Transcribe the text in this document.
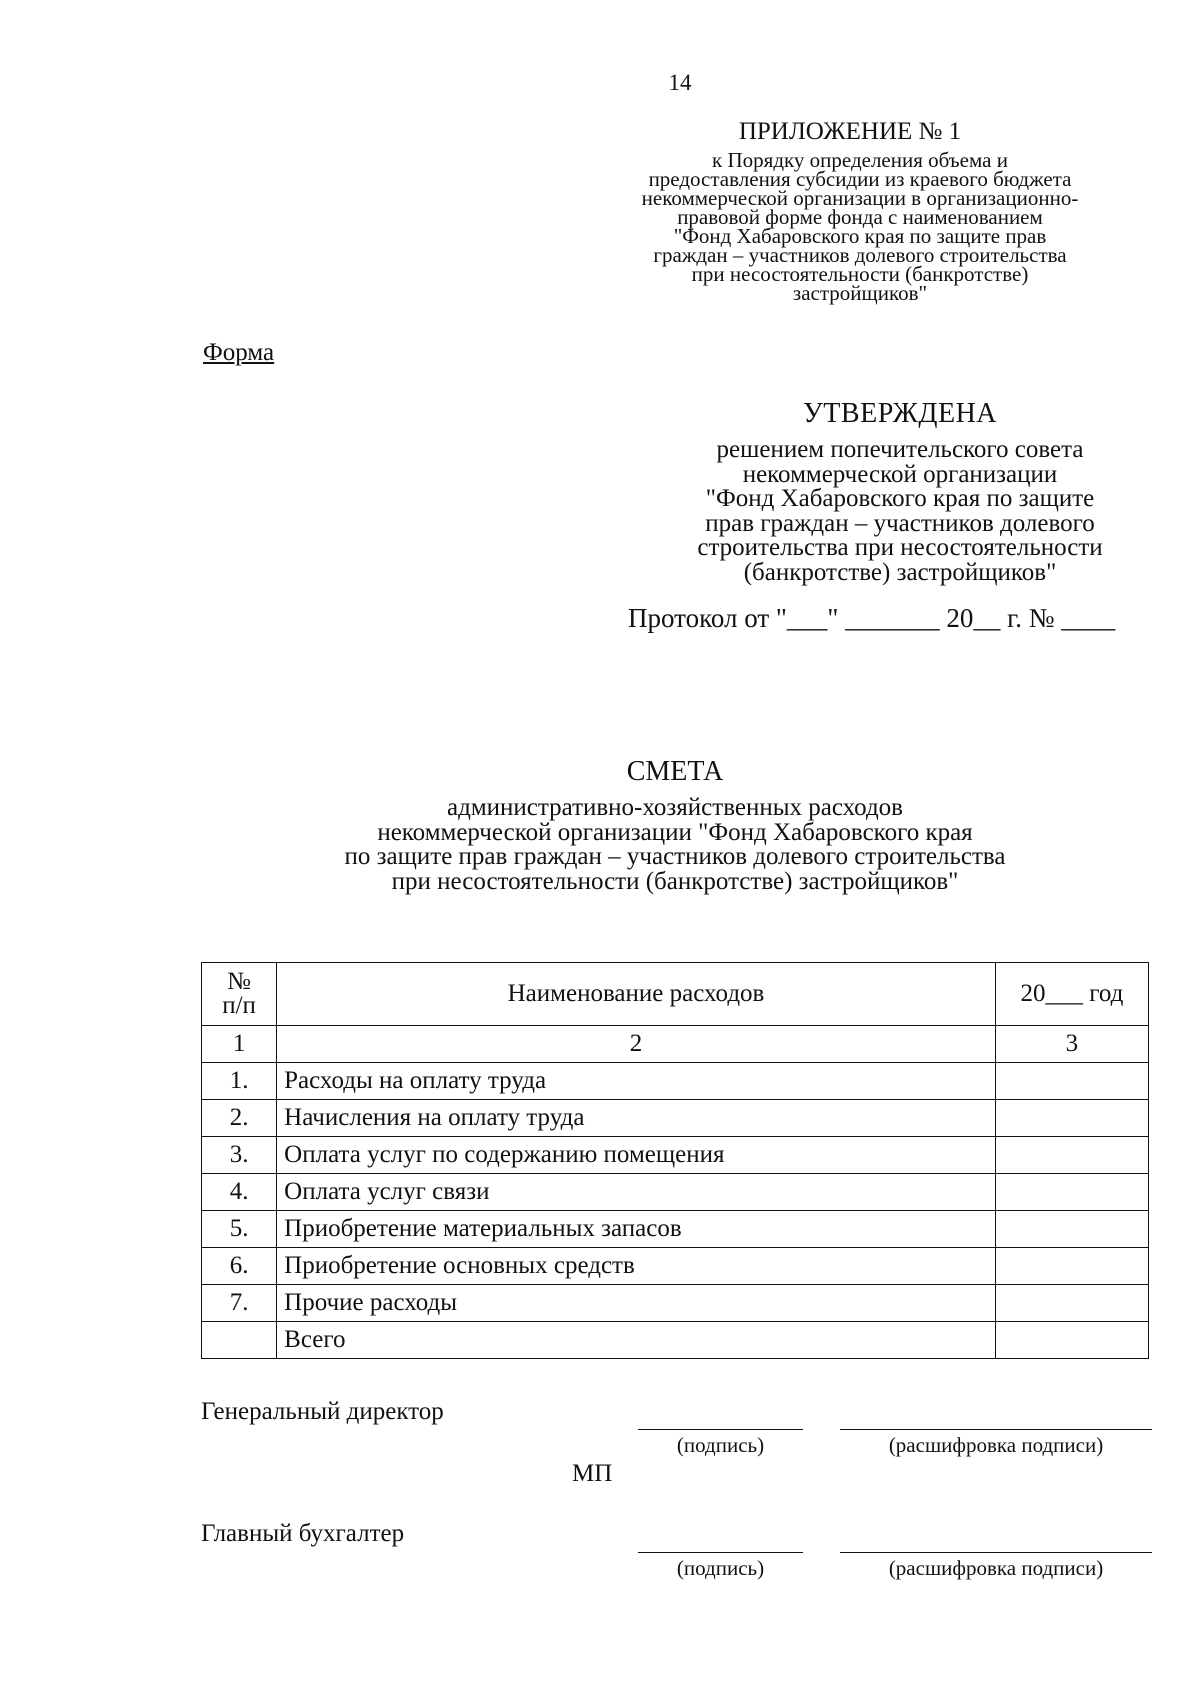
14
ПРИЛОЖЕНИЕ № 1
к Порядку определения объема и
предоставления субсидии из краевого бюджета
некоммерческой организации в организационно-
правовой форме фонда с наименованием
"Фонд Хабаровского края по защите прав
граждан – участников долевого строительства
при несостоятельности (банкротстве)
застройщиков"
Форма
УТВЕРЖДЕНА
решением попечительского совета
некоммерческой организации
"Фонд Хабаровского края по защите
прав граждан – участников долевого
строительства при несостоятельности
(банкротстве) застройщиков"
Протокол от "___" _______ 20__ г. № ____
СМЕТА
административно-хозяйственных расходов
некоммерческой организации "Фонд Хабаровского края
по защите прав граждан – участников долевого строительства
при несостоятельности (банкротстве) застройщиков"
№
п/п	Наименование расходов	20___ год
1	2	3
1.	Расходы на оплату труда	
2.	Начисления на оплату труда	
3.	Оплата услуг по содержанию помещения	
4.	Оплата услуг связи	
5.	Приобретение материальных запасов	
6.	Приобретение основных средств	
7.	Прочие расходы	
	Всего	
Генеральный директор
(подпись)	(расшифровка подписи)
МП
Главный бухгалтер
(подпись)	(расшифровка подписи)
